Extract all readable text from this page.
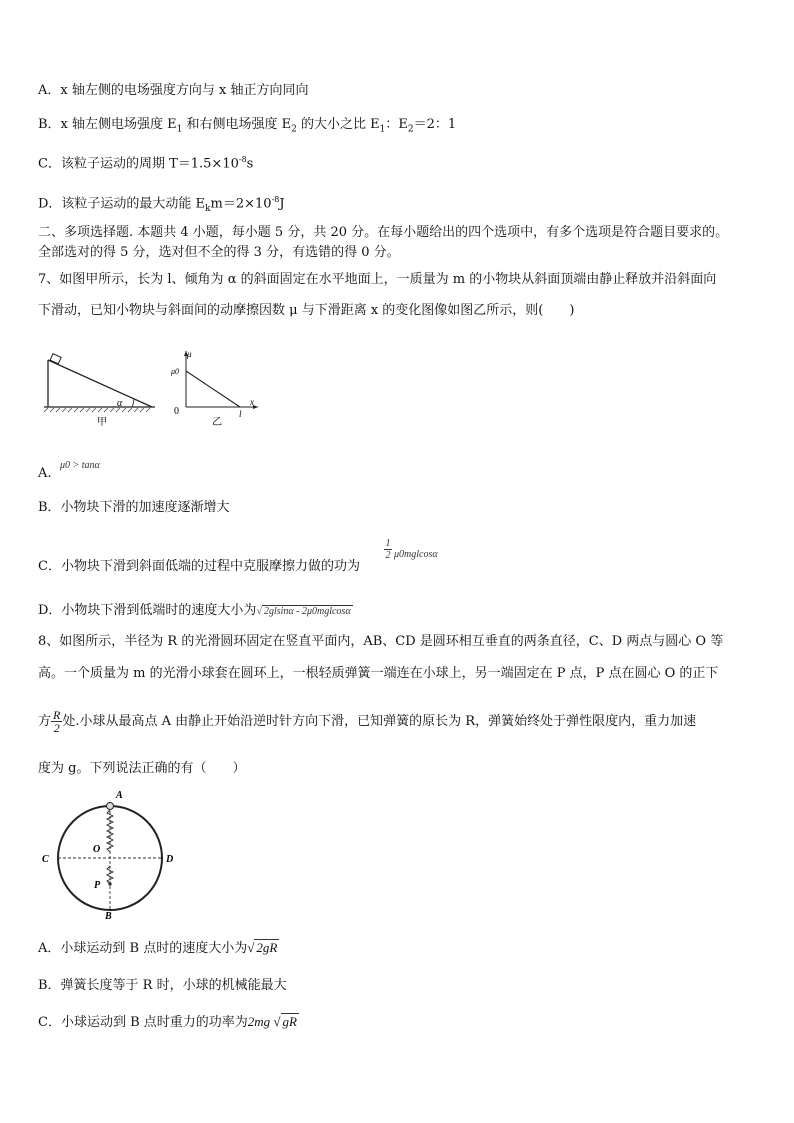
A．x 轴左侧的电场强度方向与 x 轴正方向同向
B．x 轴左侧电场强度 $E_1$ 和右侧电场强度 $E_2$ 的大小之比 $E_1$：$E_2=2$：1
C．该粒子运动的周期 $T=1.5\times 10^{-8}s$
D．该粒子运动的最大动能 $E_km=2\times 10^{-8}J$
二、多项选择题. 本题共 4 小题，每小题 5 分，共 20 分。在每小题给出的四个选项中，有多个选项是符合题目要求的。
全部选对的得 5 分，选对但不全的得 3 分，有选错的得 0 分。
7、如图甲所示，长为 l、倾角为 α 的斜面固定在水平地面上，一质量为 m 的小物块从斜面顶端由静止释放并沿斜面向
下滑动，已知小物块与斜面间的动摩擦因数 μ 与下滑距离 x 的变化图像如图乙所示，则(　　)
α
甲
μ
μ0
0
x
l
乙
A.
μ0 > tanα
B．小物块下滑的加速度逐渐增大
C．小物块下滑到斜面低端的过程中克服摩擦力做的功为
1
2 μ0mglcosα
D．小物块下滑到低端时的速度大小为√ 2glsinα - 2μ0mglcosα
8、如图所示，半径为 R 的光滑圆环固定在竖直平面内，AB、CD 是圆环相互垂直的两条直径，C、D 两点与圆心 O 等
高。一个质量为 m 的光滑小球套在圆环上，一根轻质弹簧一端连在小球上，另一端固定在 P 点，P 点在圆心 O 的正下
方 $\frac{R}{2}$ 处.小球从最高点 A 由静止开始沿逆时针方向下滑，已知弹簧的原长为 R，弹簧始终处于弹性限度内，重力加速
度为 g。下列说法正确的有（　　）
A
C	D
O
P
B
A．小球运动到 B 点时的速度大小为√ 2gR
B．弹簧长度等于 R 时，小球的机械能最大
C．小球运动到 B 点时重力的功率为2mg √ gR
